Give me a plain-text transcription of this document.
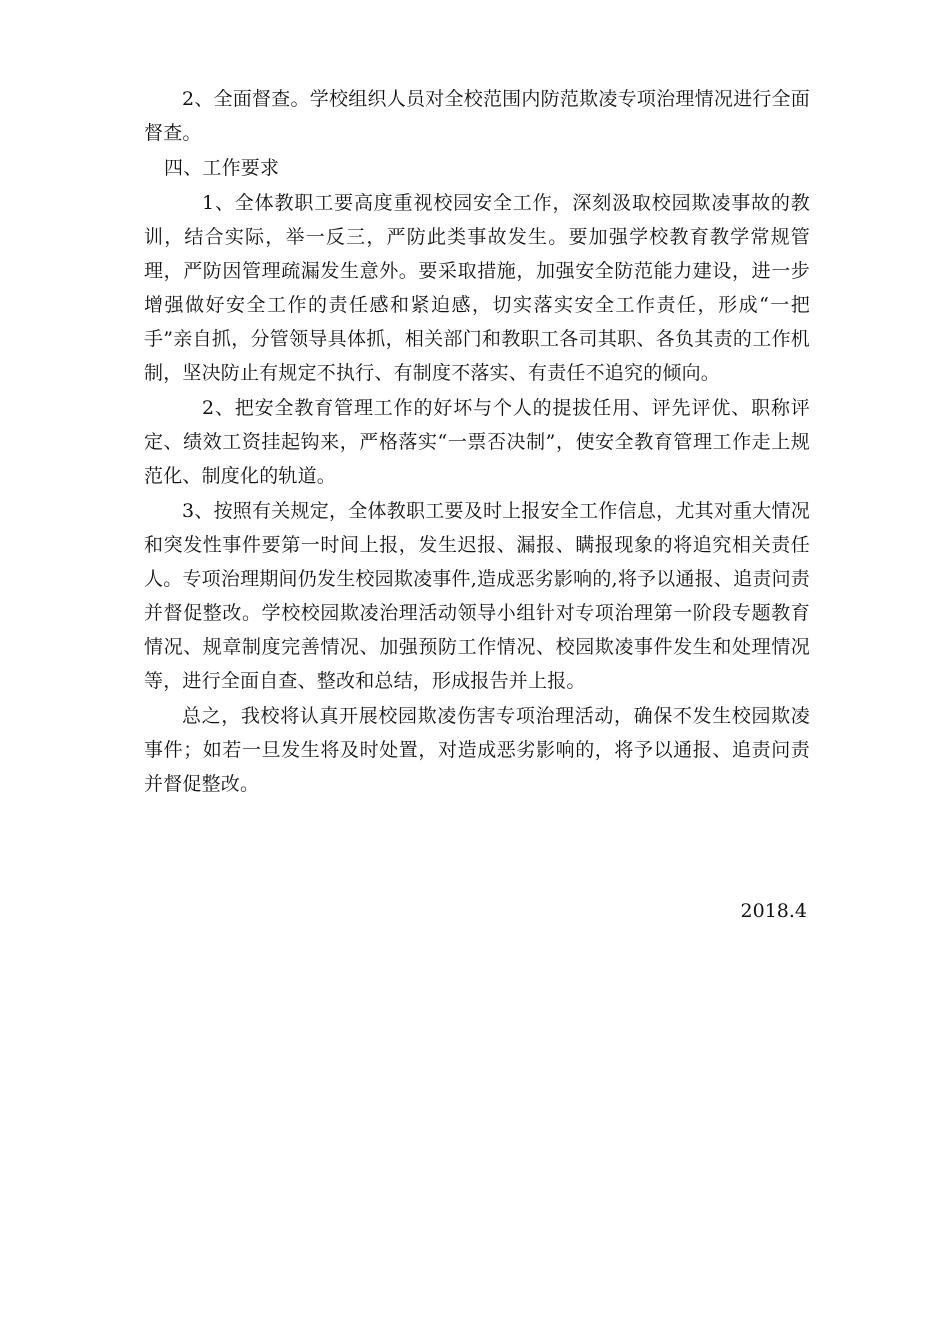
2、全面督查。学校组织人员对全校范围内防范欺凌专项治理情况进行全面督查。

四、工作要求

1、全体教职工要高度重视校园安全工作，深刻汲取校园欺凌事故的教训，结合实际，举一反三，严防此类事故发生。要加强学校教育教学常规管理，严防因管理疏漏发生意外。要采取措施，加强安全防范能力建设，进一步增强做好安全工作的责任感和紧迫感，切实落实安全工作责任，形成“一把手”亲自抓，分管领导具体抓，相关部门和教职工各司其职、各负其责的工作机制，坚决防止有规定不执行、有制度不落实、有责任不追究的倾向。

2、把安全教育管理工作的好坏与个人的提拔任用、评先评优、职称评定、绩效工资挂起钩来，严格落实“一票否决制”，使安全教育管理工作走上规范化、制度化的轨道。

3、按照有关规定，全体教职工要及时上报安全工作信息，尤其对重大情况和突发性事件要第一时间上报，发生迟报、漏报、瞒报现象的将追究相关责任人。专项治理期间仍发生校园欺凌事件,造成恶劣影响的,将予以通报、追责问责并督促整改。学校校园欺凌治理活动领导小组针对专项治理第一阶段专题教育情况、规章制度完善情况、加强预防工作情况、校园欺凌事件发生和处理情况等，进行全面自查、整改和总结，形成报告并上报。

总之，我校将认真开展校园欺凌伤害专项治理活动，确保不发生校园欺凌事件；如若一旦发生将及时处置，对造成恶劣影响的，将予以通报、追责问责并督促整改。

2018.4
